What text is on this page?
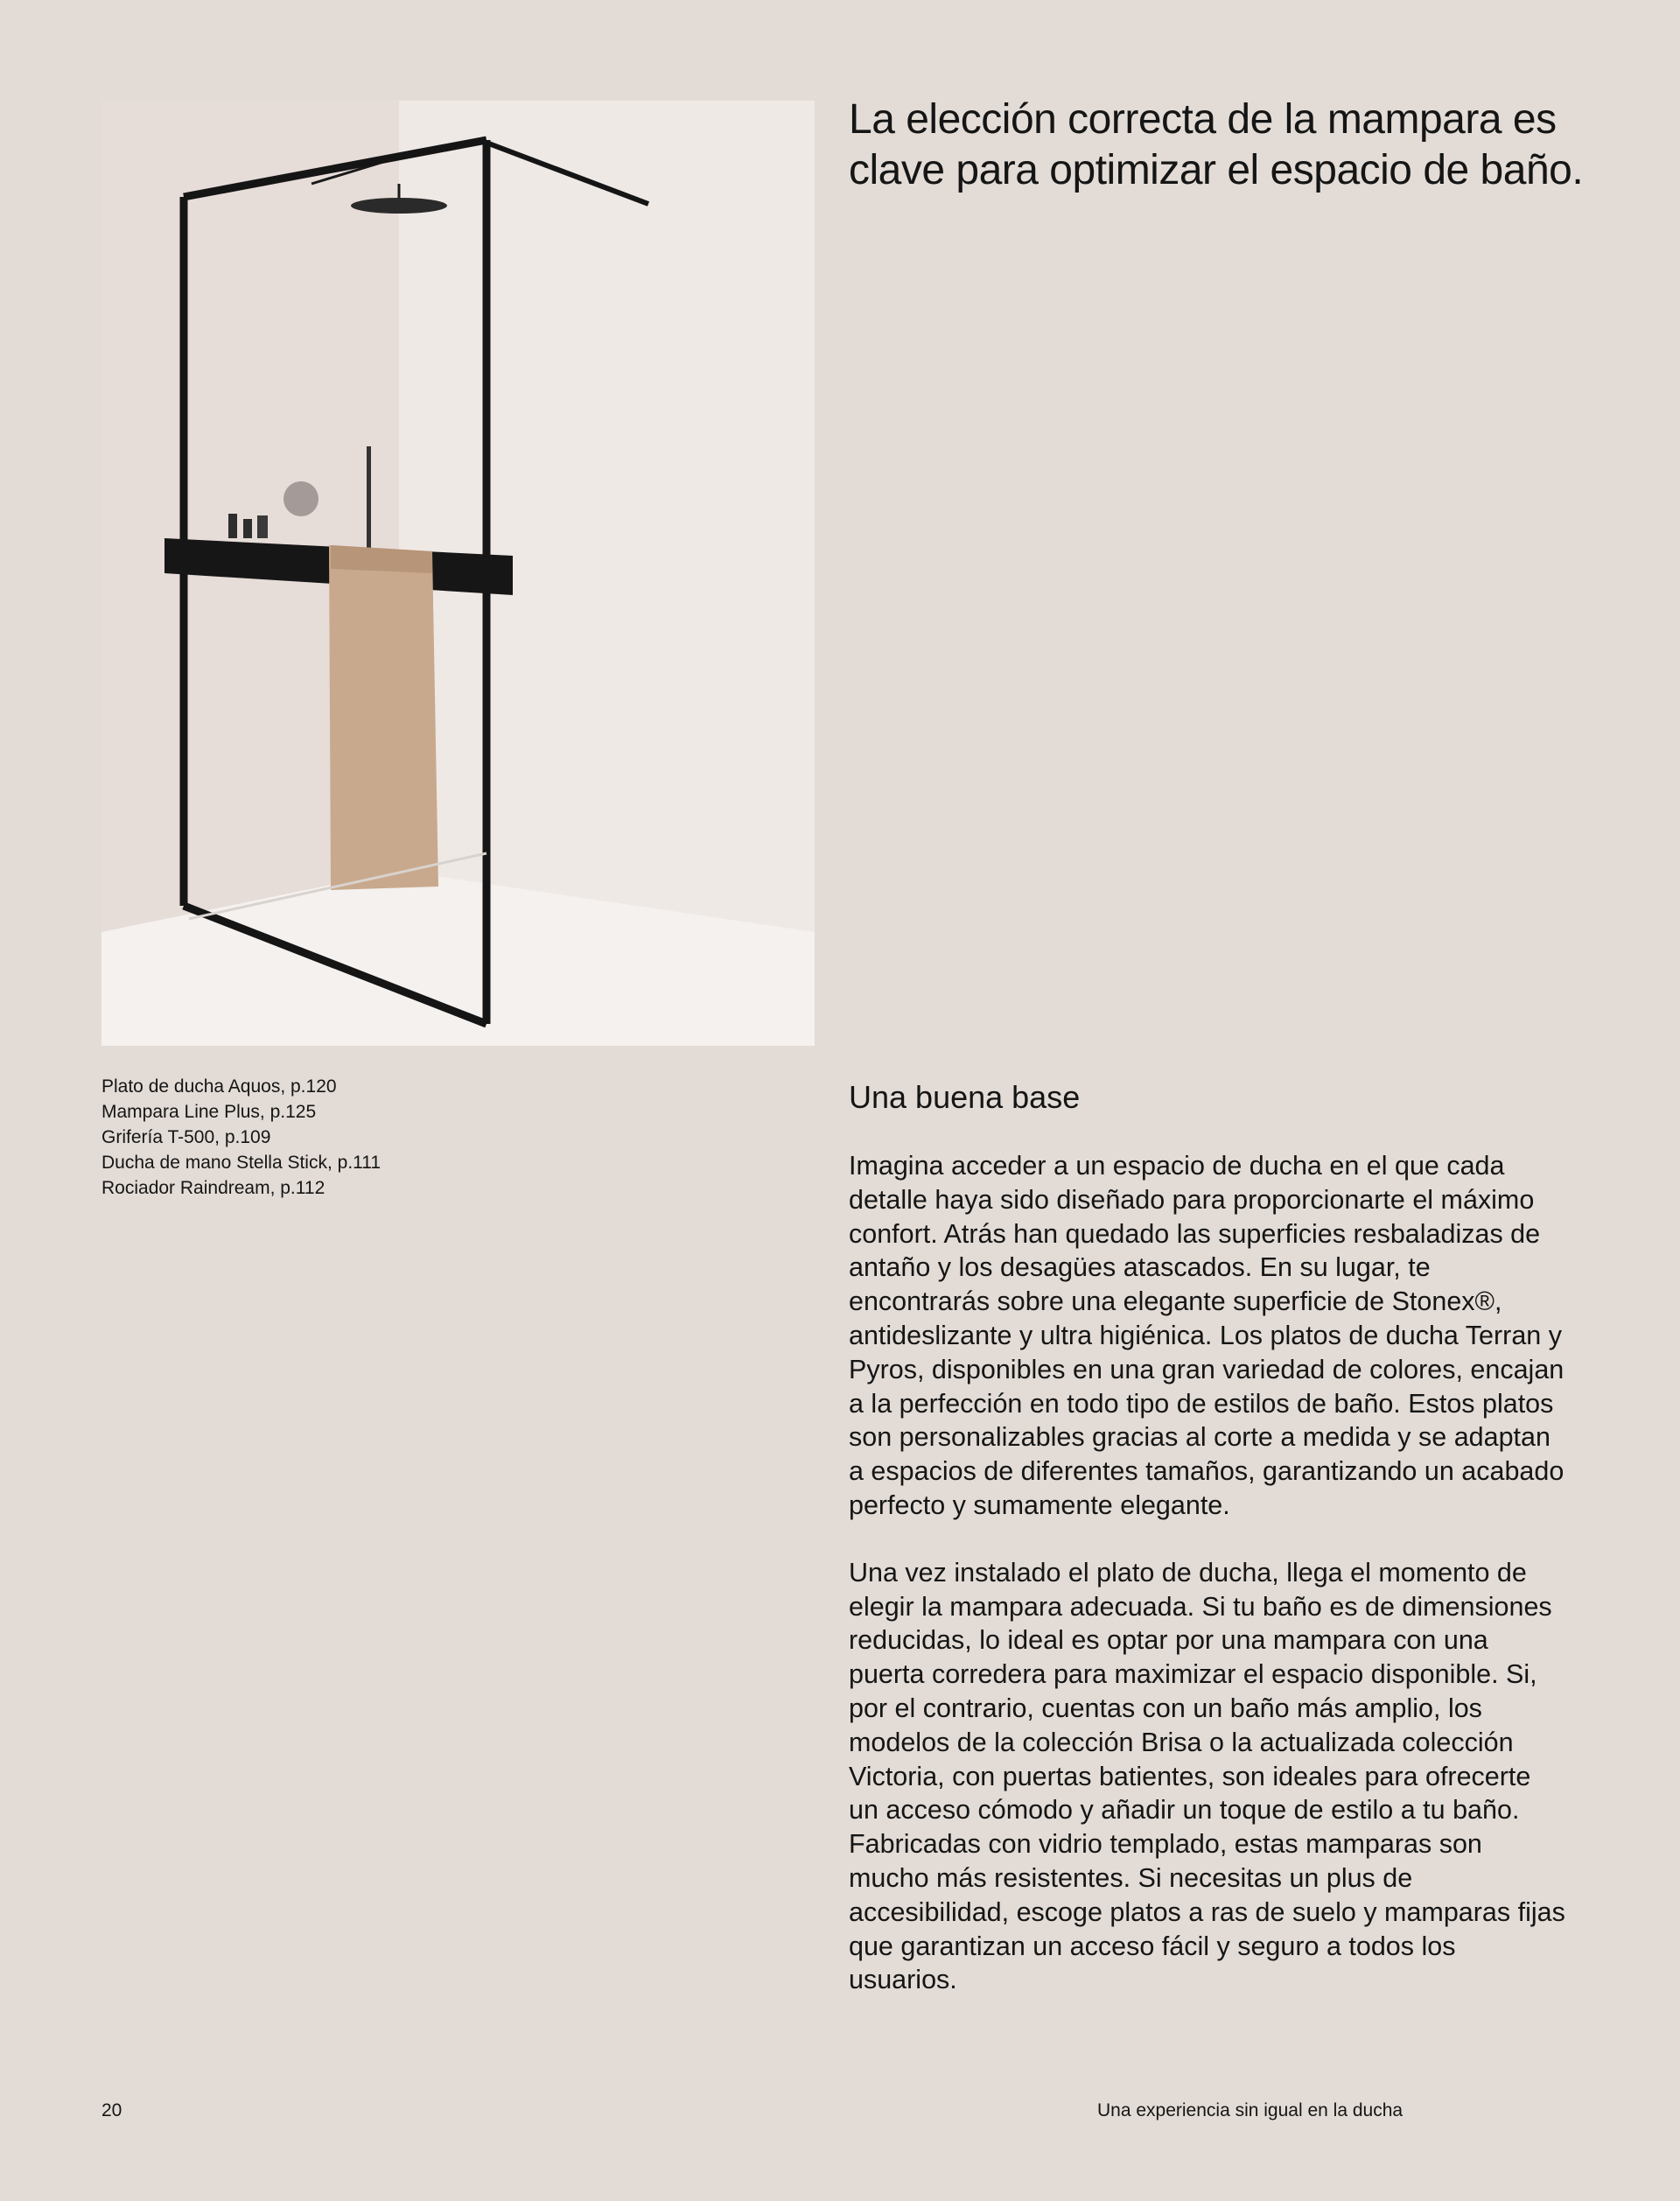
La elección correcta de la mampara es clave para optimizar el espacio de baño.
Plato de ducha Aquos, p.120
Mampara Line Plus, p.125
Grifería T-500, p.109
Ducha de mano Stella Stick, p.111
Rociador Raindream, p.112
Una buena base

Imagina acceder a un espacio de ducha en el que cada detalle haya sido diseñado para proporcionarte el máximo confort. Atrás han quedado las superficies resbaladizas de antaño y los desagües atascados. En su lugar, te encontrarás sobre una elegante superficie de Stonex®, antideslizante y ultra higiénica. Los platos de ducha Terran y Pyros, disponibles en una gran variedad de colores, encajan a la perfección en todo tipo de estilos de baño. Estos platos son personalizables gracias al corte a medida y se adaptan a espacios de diferentes tamaños, garantizando un acabado perfecto y sumamente elegante.

Una vez instalado el plato de ducha, llega el momento de elegir la mampara adecuada. Si tu baño es de dimensiones reducidas, lo ideal es optar por una mampara con una puerta corredera para maximizar el espacio disponible. Si, por el contrario, cuentas con un baño más amplio, los modelos de la colección Brisa o la actualizada colección Victoria, con puertas batientes, son ideales para ofrecerte un acceso cómodo y añadir un toque de estilo a tu baño. Fabricadas con vidrio templado, estas mamparas son mucho más resistentes. Si necesitas un plus de accesibilidad, escoge platos a ras de suelo y mamparas fijas que garantizan un acceso fácil y seguro a todos los usuarios.

20	Una experiencia sin igual en la ducha
